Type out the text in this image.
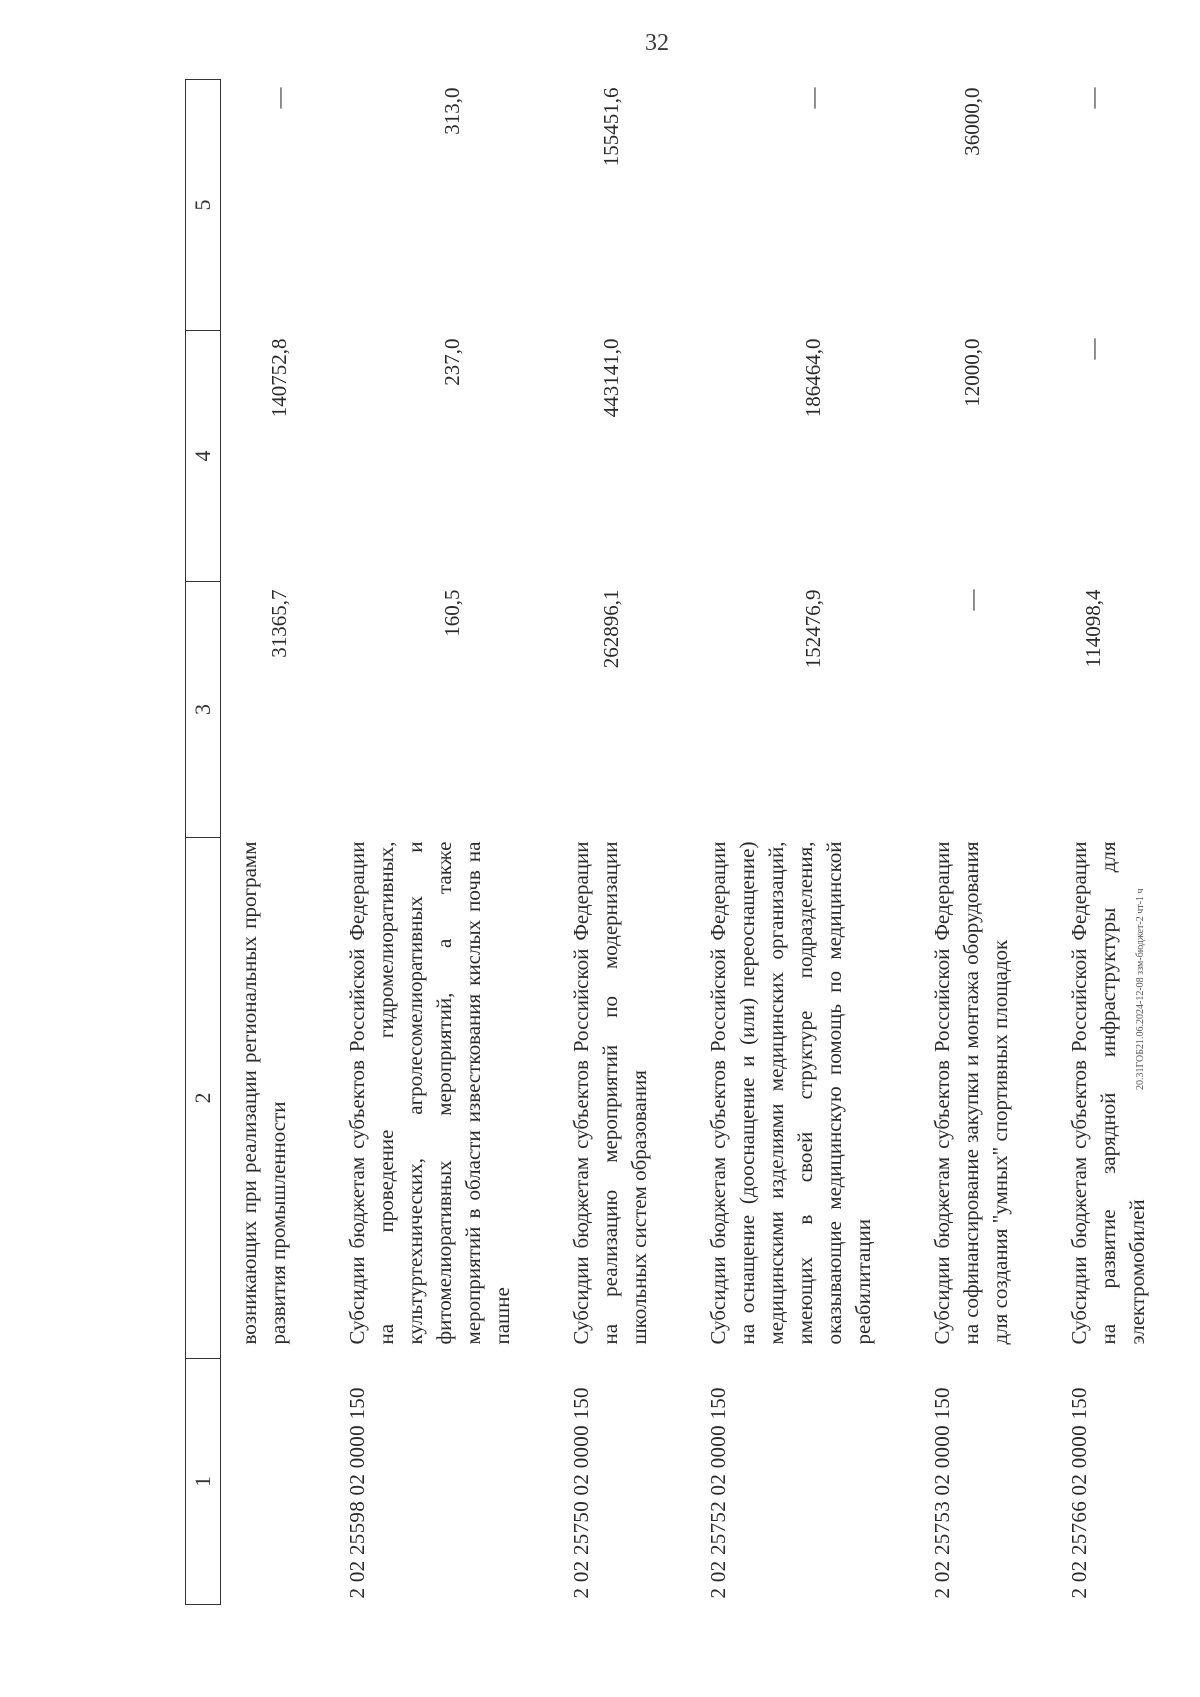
32
20.31ГОБ21.06.2024-12-08 ззм-бюджет-2 чт-1 ч
1	2	3	4	5
	возникающих при реализации региональных программ развития промышленности	31365,7	140752,8	—
2 02 25598 02 0000 150	Субсидии бюджетам субъектов Российской Федерации на проведение гидромелиоративных, культуртехнических, агролесомелиоративных и фитомелиоративных мероприятий, а также мероприятий в области известкования кислых почв на пашне	160,5	237,0	313,0
2 02 25750 02 0000 150	Субсидии бюджетам субъектов Российской Федерации на реализацию мероприятий по модернизации школьных систем образования	262896,1	443141,0	155451,6
2 02 25752 02 0000 150	Субсидии бюджетам субъектов Российской Федерации на оснащение (дооснащение и (или) переоснащение) медицинскими изделиями медицинских организаций, имеющих в своей структуре подразделения, оказывающие медицинскую помощь по медицинской реабилитации	152476,9	186464,0	—
2 02 25753 02 0000 150	Субсидии бюджетам субъектов Российской Федерации на софинансирование закупки и монтажа оборудования для создания "умных" спортивных площадок	—	12000,0	36000,0
2 02 25766 02 0000 150	Субсидии бюджетам субъектов Российской Федерации на развитие зарядной инфраструктуры для электромобилей	114098,4	—	—
